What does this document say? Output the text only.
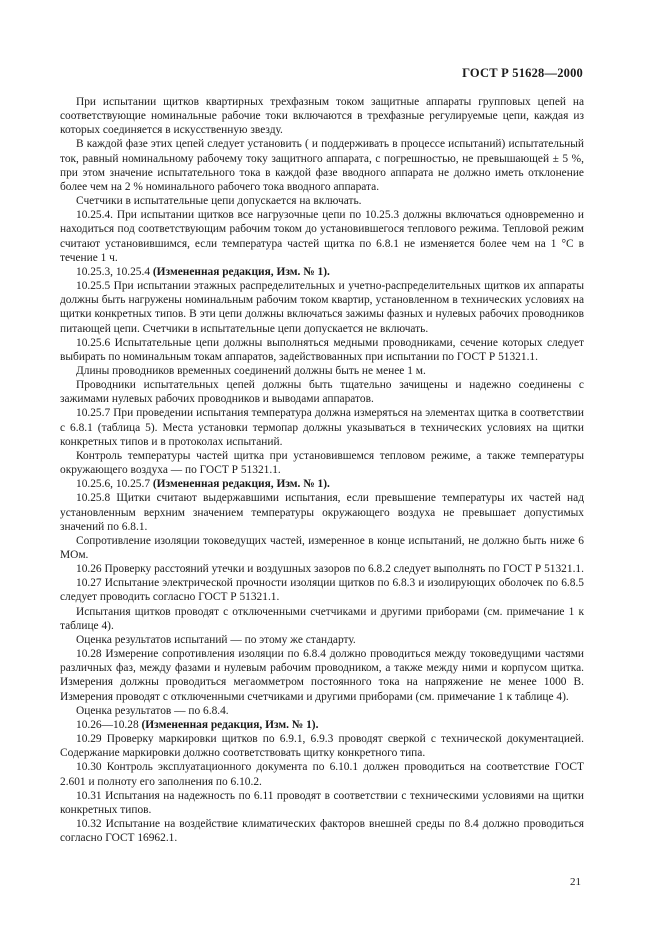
ГОСТ Р 51628—2000

При испытании щитков квартирных трехфазным током защитные аппараты групповых цепей на соответствующие номинальные рабочие токи включаются в трехфазные регулируемые цепи, каждая из которых соединяется в искусственную звезду.

В каждой фазе этих цепей следует установить ( и поддерживать в процессе испытаний) испытательный ток, равный номинальному рабочему току защитного аппарата, с погрешностью, не превышающей ± 5 %, при этом значение испытательного тока в каждой фазе вводного аппарата не должно иметь отклонение более чем на 2 % номинального рабочего тока вводного аппарата.

Счетчики в испытательные цепи допускается на включать.

10.25.4. При испытании щитков все нагрузочные цепи по 10.25.3 должны включаться одновременно и находиться под соответствующим рабочим током до установившегося теплового режима. Тепловой режим считают установившимся, если температура частей щитка по 6.8.1 не изменяется более чем на 1 °С в течение 1 ч.

10.25.3, 10.25.4 (Измененная редакция, Изм. № 1).

10.25.5 При испытании этажных распределительных и учетно-распределительных щитков их аппараты должны быть нагружены номинальным рабочим током квартир, установленном в технических условиях на щитки конкретных типов. В эти цепи должны включаться зажимы фазных и нулевых рабочих проводников питающей цепи. Счетчики в испытательные цепи допускается не включать.

10.25.6 Испытательные цепи должны выполняться медными проводниками, сечение которых следует выбирать по номинальным токам аппаратов, задействованных при испытании по ГОСТ Р 51321.1.

Длины проводников временных соединений должны быть не менее 1 м.

Проводники испытательных цепей должны быть тщательно зачищены и надежно соединены с зажимами нулевых рабочих проводников и выводами аппаратов.

10.25.7 При проведении испытания температура должна измеряться на элементах щитка в соответствии с 6.8.1 (таблица 5). Места установки термопар должны указываться в технических условиях на щитки конкретных типов и в протоколах испытаний.

Контроль температуры частей щитка при установившемся тепловом режиме, а также температуры окружающего воздуха — по ГОСТ Р 51321.1.

10.25.6, 10.25.7 (Измененная редакция, Изм. № 1).

10.25.8 Щитки считают выдержавшими испытания, если превышение температуры их частей над установленным верхним значением температуры окружающего воздуха не превышает допустимых значений по 6.8.1.

Сопротивление изоляции токоведущих частей, измеренное в конце испытаний, не должно быть ниже 6 МОм.

10.26 Проверку расстояний утечки и воздушных зазоров по 6.8.2 следует выполнять по ГОСТ Р 51321.1.

10.27 Испытание электрической прочности изоляции щитков по 6.8.3 и изолирующих оболочек по 6.8.5 следует проводить согласно ГОСТ Р 51321.1.

Испытания щитков проводят с отключенными счетчиками и другими приборами (см. примечание 1 к таблице 4).

Оценка результатов испытаний — по этому же стандарту.

10.28 Измерение сопротивления изоляции по 6.8.4 должно проводиться между токоведущими частями различных фаз, между фазами и нулевым рабочим проводником, а также между ними и корпусом щитка. Измерения должны проводиться мегаомметром постоянного тока на напряжение не менее 1000 В. Измерения проводят с отключенными счетчиками и другими приборами (см. примечание 1 к таблице 4).

Оценка результатов — по 6.8.4.

10.26—10.28 (Измененная редакция, Изм. № 1).

10.29 Проверку маркировки щитков по 6.9.1, 6.9.3 проводят сверкой с технической документацией. Содержание маркировки должно соответствовать щитку конкретного типа.

10.30 Контроль эксплуатационного документа по 6.10.1 должен проводиться на соответствие ГОСТ 2.601 и полноту его заполнения по 6.10.2.

10.31 Испытания на надежность по 6.11 проводят в соответствии с техническими условиями на щитки конкретных типов.

10.32 Испытание на воздействие климатических факторов внешней среды по 8.4 должно проводиться согласно ГОСТ 16962.1.

21
